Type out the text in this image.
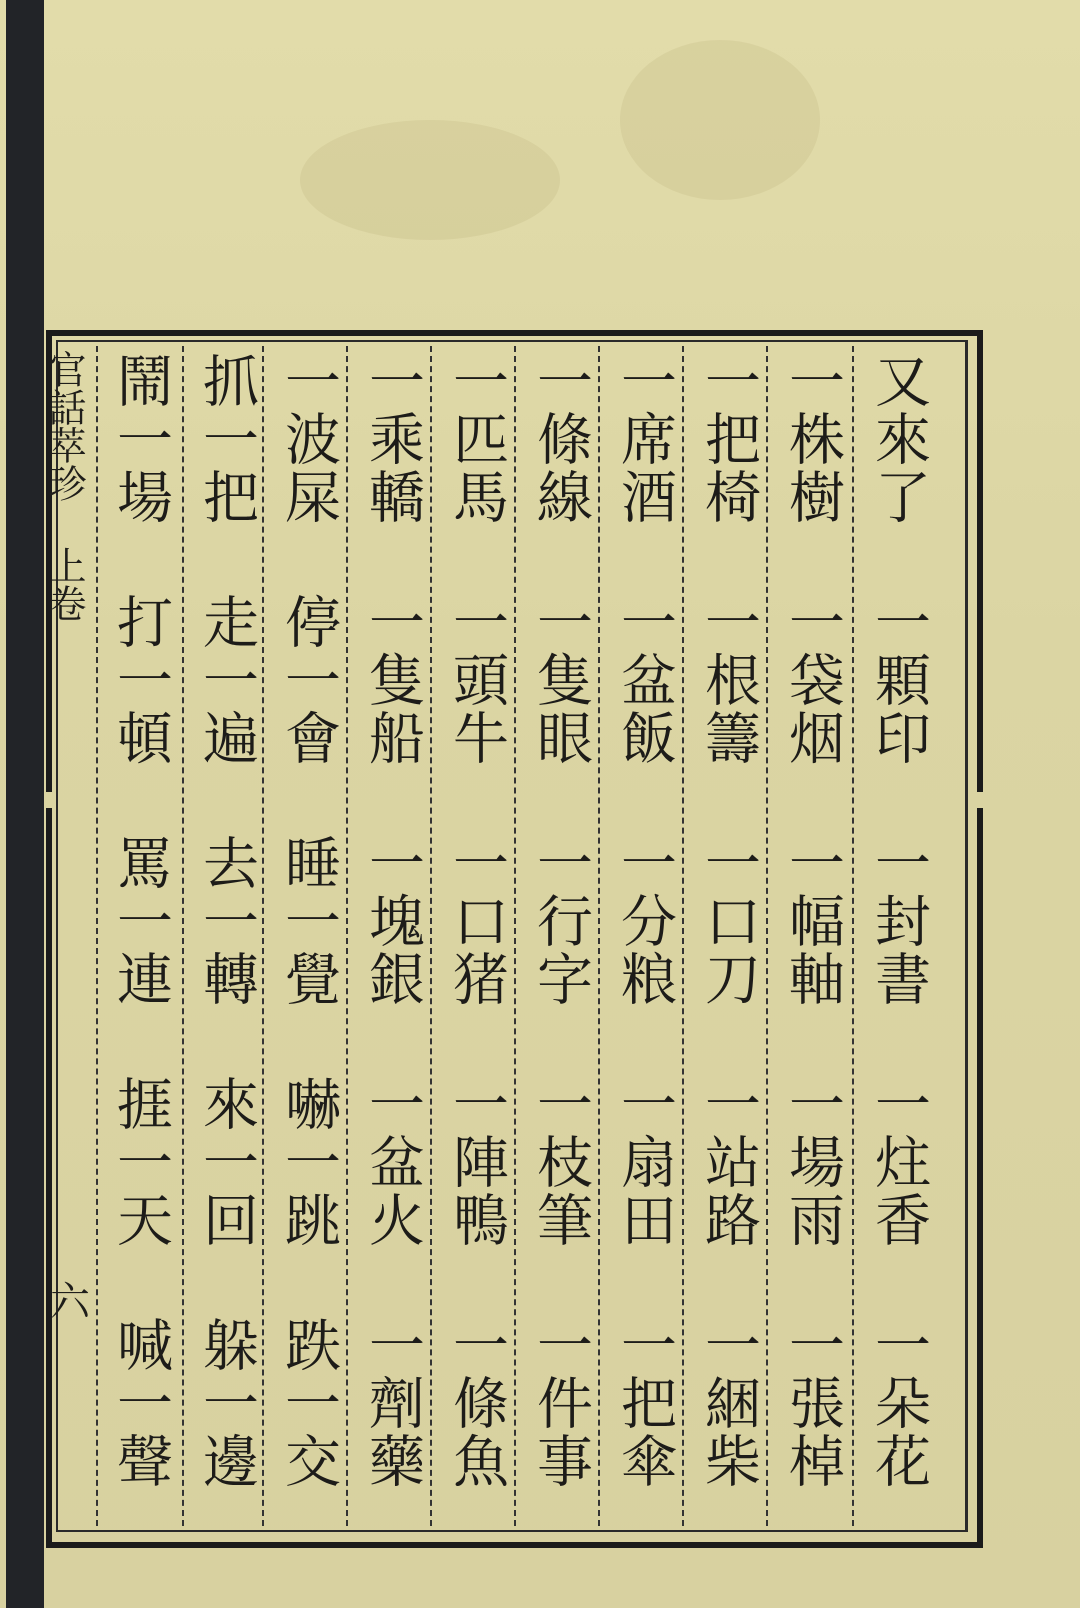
官話萃珍 上卷
六	又來了 一顆印 一封書 一炷香 一朵花
一株樹 一袋烟 一幅軸 一場雨 一張棹
一把椅 一根籌 一口刀 一站路 一綑柴
一席酒 一盆飯 一分粮 一扇田 一把傘
一條線 一隻眼 一行字 一枝筆 一件事
一匹馬 一頭牛 一口猪 一陣鴨 一條魚
一乘轎 一隻船 一塊銀 一盆火 一劑藥
一波屎 停一會 睡一覺 嚇一跳 跌一交
抓一把 走一遍 去一轉 來一回 躲一邊
鬧一場 打一頓 罵一連 捱一天 喊一聲
